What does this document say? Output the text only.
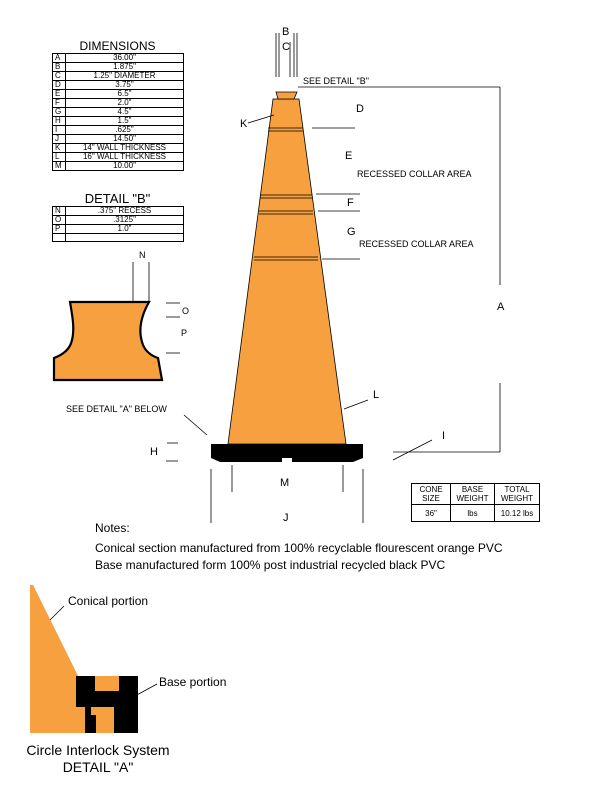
DIMENSIONS
A	36.00"
B	1.875"
C	1.25" DIAMETER
D	3.75"
E	6.5"
F	2.0"
G	4.5"
H	1.5"
I	.625"
J	14.50"
K	14" WALL THICKNESS
L	16" WALL THICKNESS
M	10.00"
DETAIL "B"
N	.375" RECESS
O	.3125"
P	1.0"

N
O
P
B
C
SEE DETAIL "B"
D
E
RECESSED COLLAR AREA
F
G
RECESSED COLLAR AREA
K
A
L
SEE DETAIL "A" BELOW
I
H
M
J
CONE SIZE	BASE WEIGHT	TOTAL WEIGHT
36"	lbs	10.12 lbs
Notes:
Conical section manufactured from 100% recyclable flourescent orange PVC
Base manufactured form 100% post industrial recycled black PVC
Conical portion
Base portion
Circle Interlock System
DETAIL "A"
